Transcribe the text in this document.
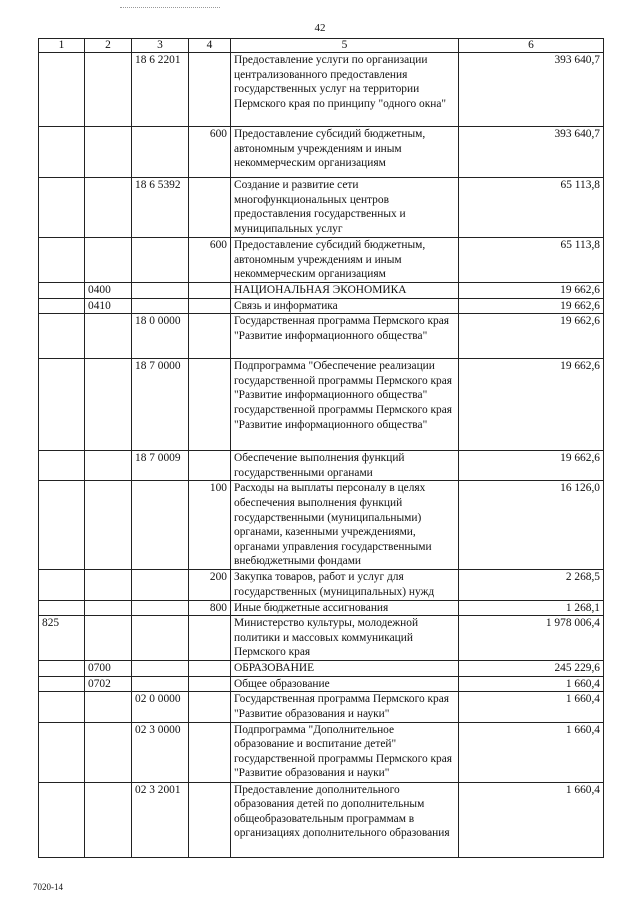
42
1	2	3	4	5	6
		18 6 2201		Предоставление услуги по организации централизованного предоставления государственных услуг на территории Пермского края по принципу "одного окна"	393 640,7
			600	Предоставление субсидий бюджетным, автономным учреждениям и иным некоммерческим организациям	393 640,7
		18 6 5392		Создание и развитие сети многофункциональных центров предоставления государственных и муниципальных услуг	65 113,8
			600	Предоставление субсидий бюджетным, автономным учреждениям и иным некоммерческим организациям	65 113,8
	0400			НАЦИОНАЛЬНАЯ ЭКОНОМИКА	19 662,6
	0410			Связь и информатика	19 662,6
		18 0 0000		Государственная программа Пермского края "Развитие информационного общества"	19 662,6
		18 7 0000		Подпрограмма "Обеспечение реализации государственной программы Пермского края "Развитие информационного общества" государственной программы Пермского края "Развитие информационного общества"	19 662,6
		18 7 0009		Обеспечение выполнения функций государственными органами	19 662,6
			100	Расходы на выплаты персоналу в целях обеспечения выполнения функций государственными (муниципальными) органами, казенными учреждениями, органами управления государственными внебюджетными фондами	16 126,0
			200	Закупка товаров, работ и услуг для государственных (муниципальных) нужд	2 268,5
			800	Иные бюджетные ассигнования	1 268,1
825				Министерство культуры, молодежной политики и массовых коммуникаций Пермского края	1 978 006,4
	0700			ОБРАЗОВАНИЕ	245 229,6
	0702			Общее образование	1 660,4
		02 0 0000		Государственная программа Пермского края "Развитие образования и науки"	1 660,4
		02 3 0000		Подпрограмма "Дополнительное образование и воспитание детей" государственной программы Пермского края "Развитие образования и науки"	1 660,4
		02 3 2001		Предоставление дополнительного образования детей по дополнительным общеобразовательным программам в организациях дополнительного образования	1 660,4
7020-14
